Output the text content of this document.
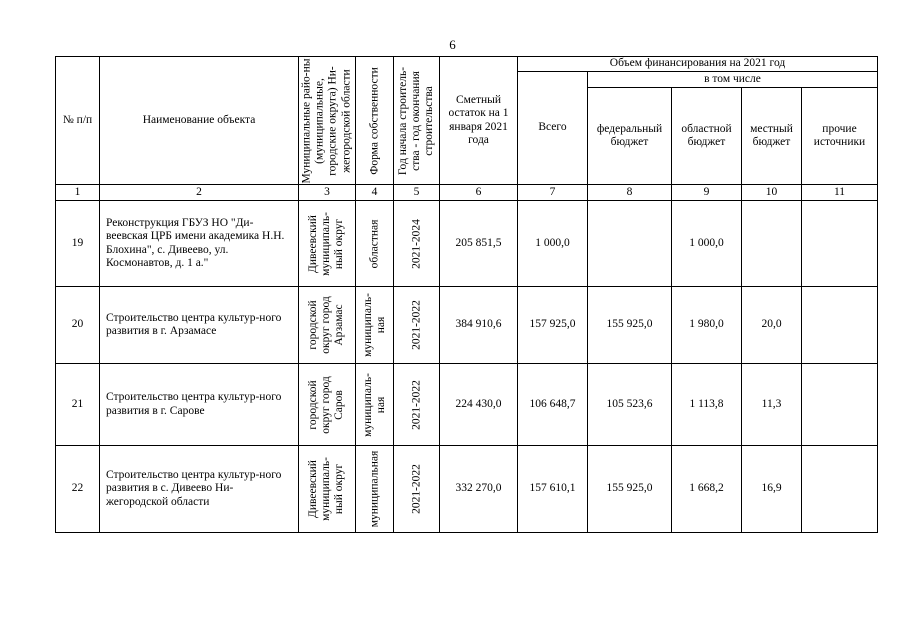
6
№ п/п	Наименование объекта	Муниципальные райо-ны (муниципальные, городские округа) Ни-жегородской области	Форма собственности	Год начала строитель-ства - год окончания строительства	Сметный остаток на 1 января 2021 года	Объем финансирования на 2021 год				
						Всего	в том числе			
							федеральный бюджет	областной бюджет	местный бюджет	прочие источники
1	2	3	4	5	6	7	8	9	10	11
19	Реконструкция ГБУЗ НО "Ди-веевская ЦРБ имени академика Н.Н. Блохина", с. Дивеево, ул. Космонавтов, д. 1 а."	Дивеевский муниципаль-ный округ	областная	2021-2024	205 851,5	1 000,0		1 000,0		
20	Строительство центра культур-ного развития в г. Арзамасе	городской округ город Арзамас	муниципаль-ная	2021-2022	384 910,6	157 925,0	155 925,0	1 980,0	20,0	
21	Строительство центра культур-ного развития в г. Сарове	городской округ город Саров	муниципаль-ная	2021-2022	224 430,0	106 648,7	105 523,6	1 113,8	11,3	
22	Строительство центра культур-ного развития в с. Дивеево Ни-жегородской области	Дивеевский муниципаль-ный округ	муниципальная	2021-2022	332 270,0	157 610,1	155 925,0	1 668,2	16,9	
